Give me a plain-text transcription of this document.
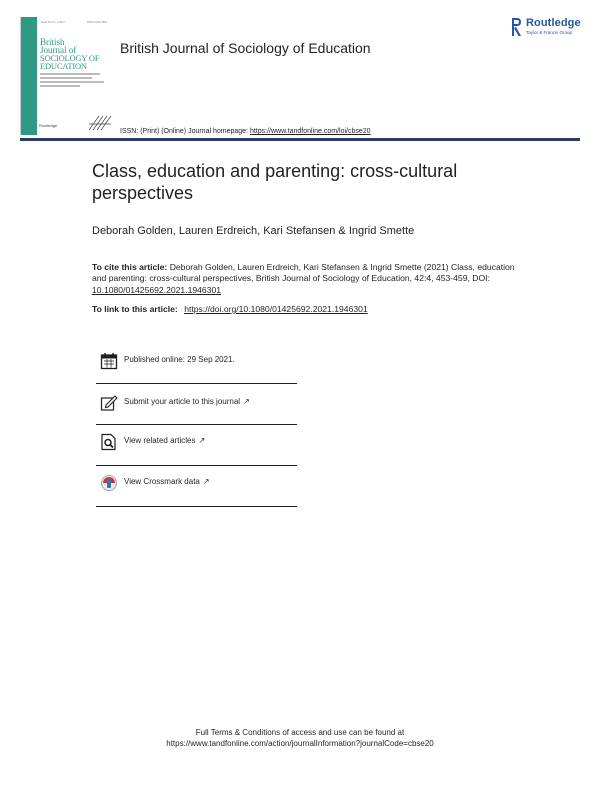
Issue 42 No. 4 2021	ISSN 0142-5692
British
Journal of
SOCIOLOGY OF
EDUCATION
Routledge
British Journal of Sociology of Education
Routledge
Taylor & Francis Group
ISSN: (Print) (Online) Journal homepage: https://www.tandfonline.com/loi/cbse20
Class, education and parenting: cross-cultural perspectives
Deborah Golden, Lauren Erdreich, Kari Stefansen & Ingrid Smette
To cite this article: Deborah Golden, Lauren Erdreich, Kari Stefansen & Ingrid Smette (2021) Class, education and parenting: cross-cultural perspectives, British Journal of Sociology of Education, 42:4, 453-459, DOI: 10.1080/01425692.2021.1946301
To link to this article: https://doi.org/10.1080/01425692.2021.1946301
Published online: 29 Sep 2021.
Submit your article to this journal ↗
View related articles ↗
View Crossmark data ↗
Full Terms & Conditions of access and use can be found at
https://www.tandfonline.com/action/journalInformation?journalCode=cbse20
